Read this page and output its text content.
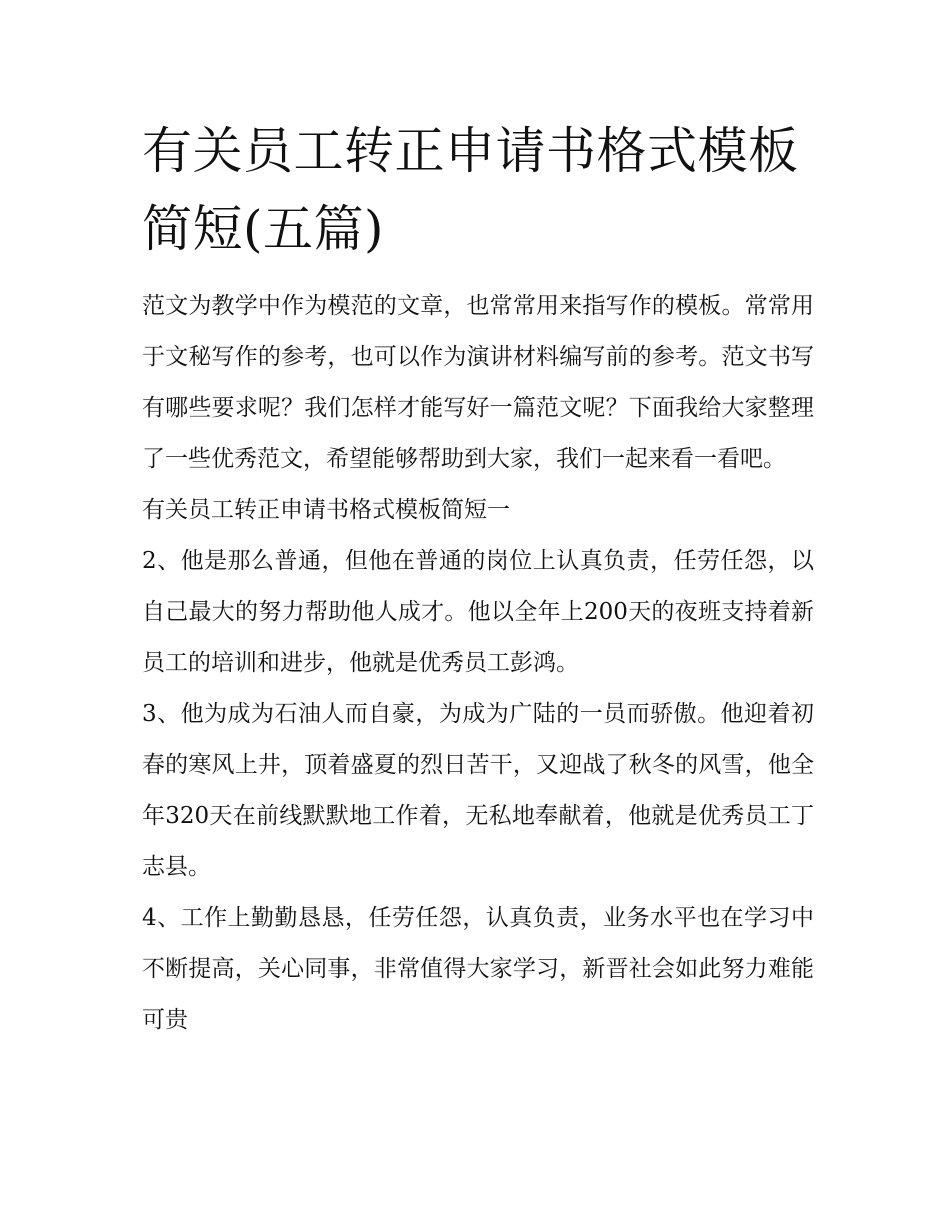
有关员工转正申请书格式模板简短(五篇)

范文为教学中作为模范的文章，也常常用来指写作的模板。常常用于文秘写作的参考，也可以作为演讲材料编写前的参考。范文书写有哪些要求呢？我们怎样才能写好一篇范文呢？下面我给大家整理了一些优秀范文，希望能够帮助到大家，我们一起来看一看吧。

有关员工转正申请书格式模板简短一

2、他是那么普通，但他在普通的岗位上认真负责，任劳任怨，以自己最大的努力帮助他人成才。他以全年上200天的夜班支持着新员工的培训和进步，他就是优秀员工彭鸿。

3、他为成为石油人而自豪，为成为广陆的一员而骄傲。他迎着初春的寒风上井，顶着盛夏的烈日苦干，又迎战了秋冬的风雪，他全年320天在前线默默地工作着，无私地奉献着，他就是优秀员工丁志县。

4、工作上勤勤恳恳，任劳任怨，认真负责，业务水平也在学习中不断提高，关心同事，非常值得大家学习，新晋社会如此努力难能可贵
